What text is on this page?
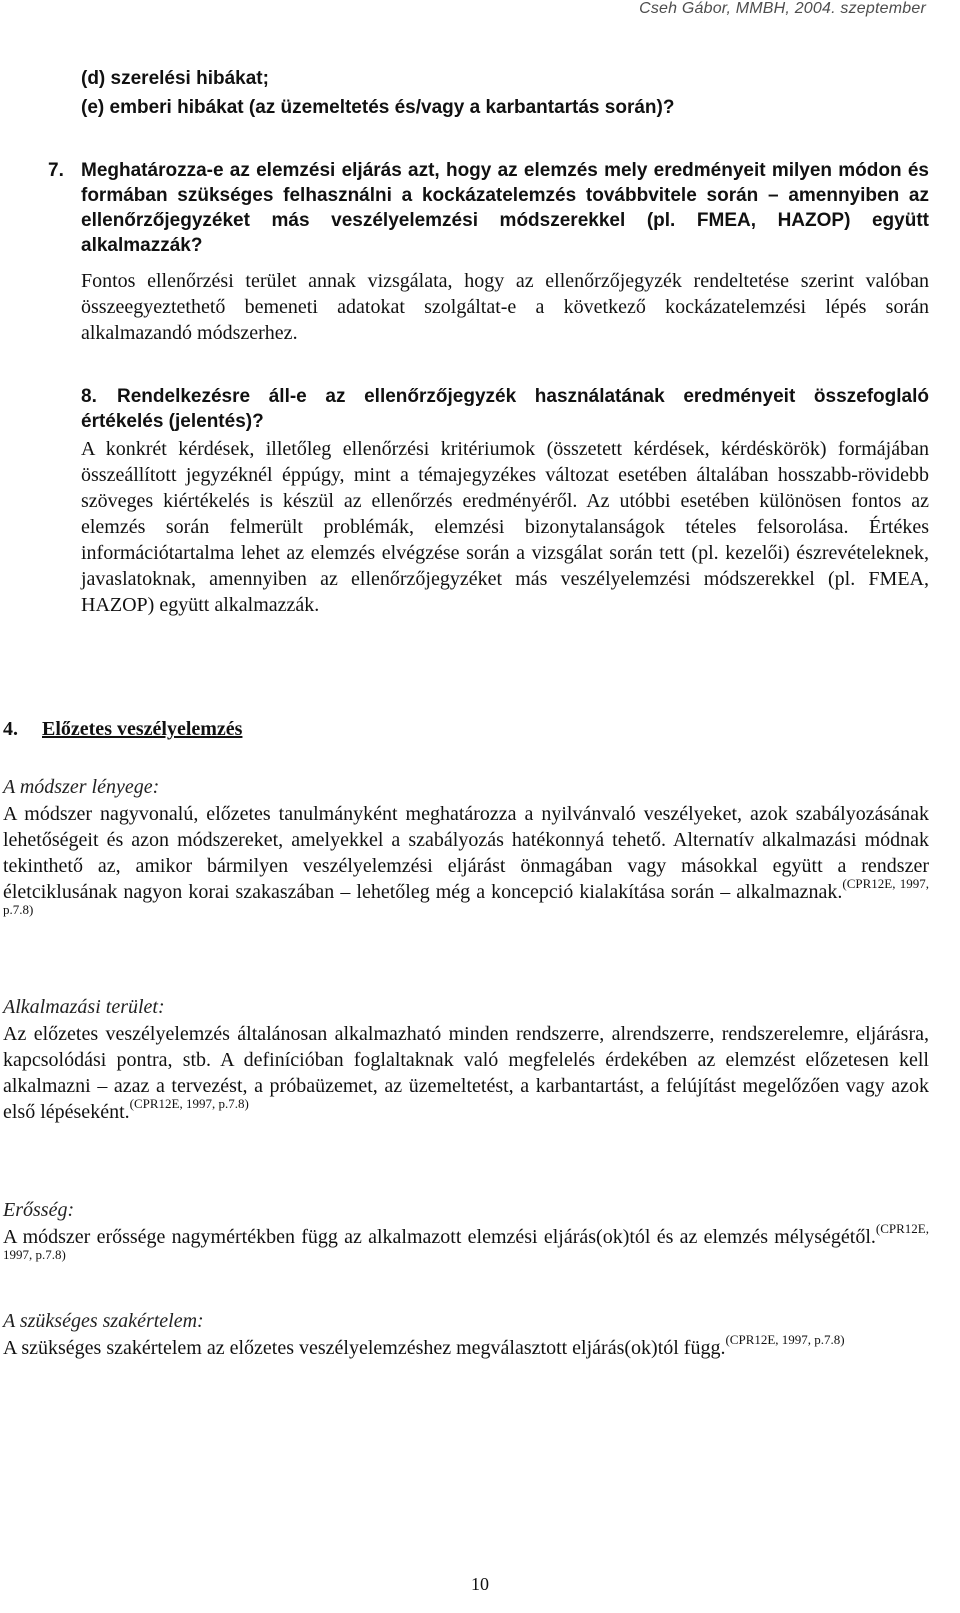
Cseh Gábor, MMBH, 2004. szeptember
(d) szerelési hibákat;
(e) emberi hibákat (az üzemeltetés és/vagy a karbantartás során)?
7. Meghatározza-e az elemzési eljárás azt, hogy az elemzés mely eredményeit milyen módon és formában szükséges felhasználni a kockázatelemzés továbbvitele során – amennyiben az ellenőrzőjegyzéket más veszélyelemzési módszerekkel (pl. FMEA, HAZOP) együtt alkalmazzák?
Fontos ellenőrzési terület annak vizsgálata, hogy az ellenőrzőjegyzék rendeltetése szerint valóban összeegyeztethető bemeneti adatokat szolgáltat-e a következő kockázatelemzési lépés során alkalmazandó módszerhez.
8.	Rendelkezésre áll-e az ellenőrzőjegyzék használatának eredményeit összefoglaló értékelés (jelentés)?
A konkrét kérdések, illetőleg ellenőrzési kritériumok (összetett kérdések, kérdéskörök) formájában összeállított jegyzéknél éppúgy, mint a témajegyzékes változat esetében általában hosszabb-rövidebb szöveges kiértékelés is készül az ellenőrzés eredményéről. Az utóbbi esetében különösen fontos az elemzés során felmerült problémák, elemzési bizonytalanságok tételes felsorolása. Értékes információtartalma lehet az elemzés elvégzése során a vizsgálat során tett (pl. kezelői) észrevételeknek, javaslatoknak, amennyiben az ellenőrzőjegyzéket más veszélyelemzési módszerekkel (pl. FMEA, HAZOP) együtt alkalmazzák.
4. Előzetes veszélyelemzés
A módszer lényege:
A módszer nagyvonalú, előzetes tanulmányként meghatározza a nyilvánvaló veszélyeket, azok szabályozásának lehetőségeit és azon módszereket, amelyekkel a szabályozás hatékonnyá tehető. Alternatív alkalmazási módnak tekinthető az, amikor bármilyen veszélyelemzési eljárást önmagában vagy másokkal együtt a rendszer életciklusának nagyon korai szakaszában – lehetőleg még a koncepció kialakítása során – alkalmaznak.$^{(CPR12E, 1997, p.7.8)}$
Alkalmazási terület:
Az előzetes veszélyelemzés általánosan alkalmazható minden rendszerre, alrendszerre, rendszerelemre, eljárásra, kapcsolódási pontra, stb. A definícióban foglaltaknak való megfelelés érdekében az elemzést előzetesen kell alkalmazni – azaz a tervezést, a próbaüzemet, az üzemeltetést, a karbantartást, a felújítást megelőzően vagy azok első lépéseként.$^{(CPR12E, 1997, p.7.8)}$
Erősség:
A módszer erőssége nagymértékben függ az alkalmazott elemzési eljárás(ok)tól és az elemzés mélységétől.$^{(CPR12E, 1997, p.7.8)}$
A szükséges szakértelem:
A szükséges szakértelem az előzetes veszélyelemzéshez megválasztott eljárás(ok)tól függ.$^{(CPR12E, 1997, p.7.8)}$
10
